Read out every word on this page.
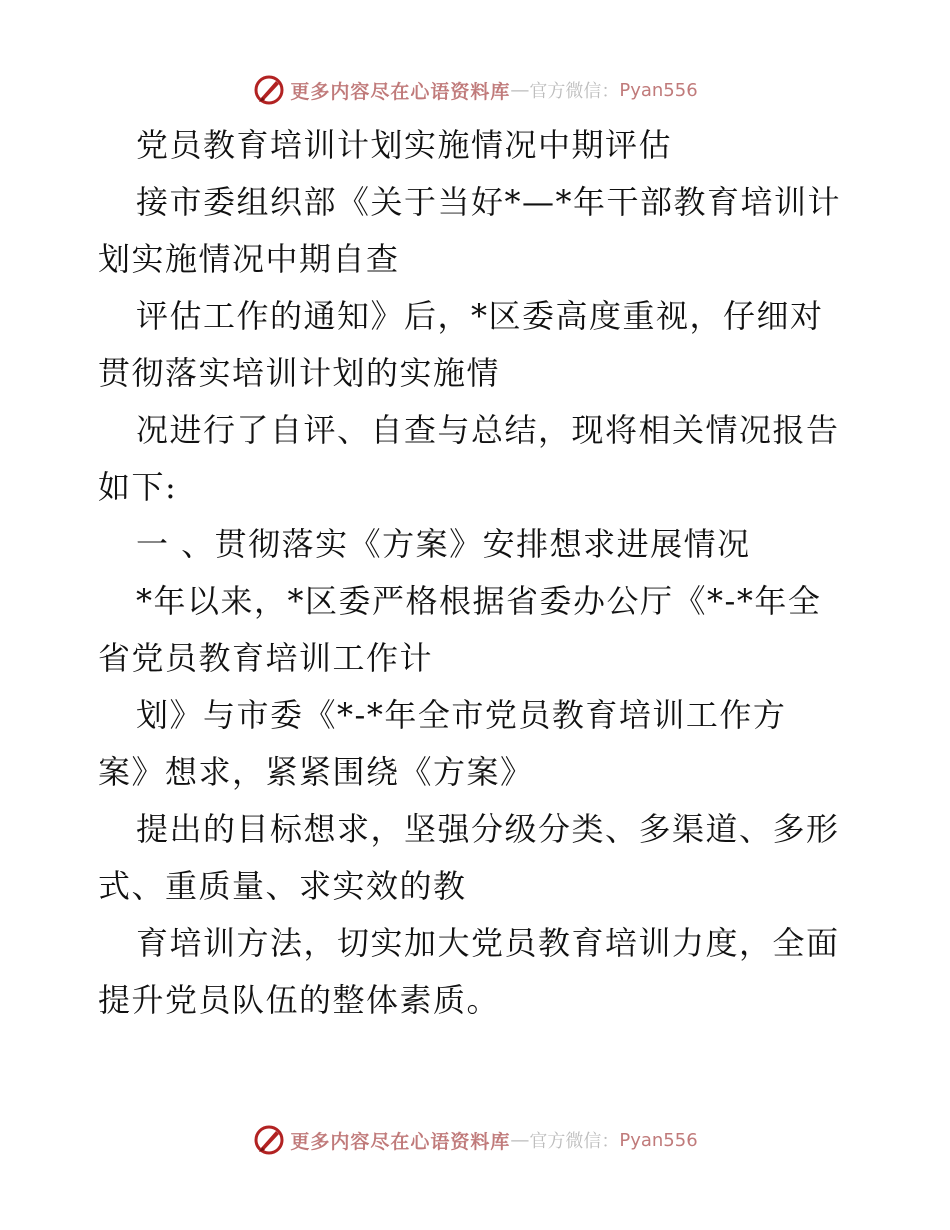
更多内容尽在心语资料库 — 官方微信： Pyan556
党员教育培训计划实施情况中期评估
接市委组织部《关于当好*—*年干部教育培训计
划实施情况中期自查
评估工作的通知》后，*区委高度重视，仔细对
贯彻落实培训计划的实施情
况进行了自评、自查与总结，现将相关情况报告
如下:
一 、贯彻落实《方案》安排想求进展情况
*年以来，*区委严格根据省委办公厅《*-*年全
省党员教育培训工作计
划》与市委《*-*年全市党员教育培训工作方
案》想求，紧紧围绕《方案》
提出的目标想求，坚强分级分类、多渠道、多形
式、重质量、求实效的教
育培训方法，切实加大党员教育培训力度，全面
提升党员队伍的整体素质。
更多内容尽在心语资料库 — 官方微信： Pyan556
